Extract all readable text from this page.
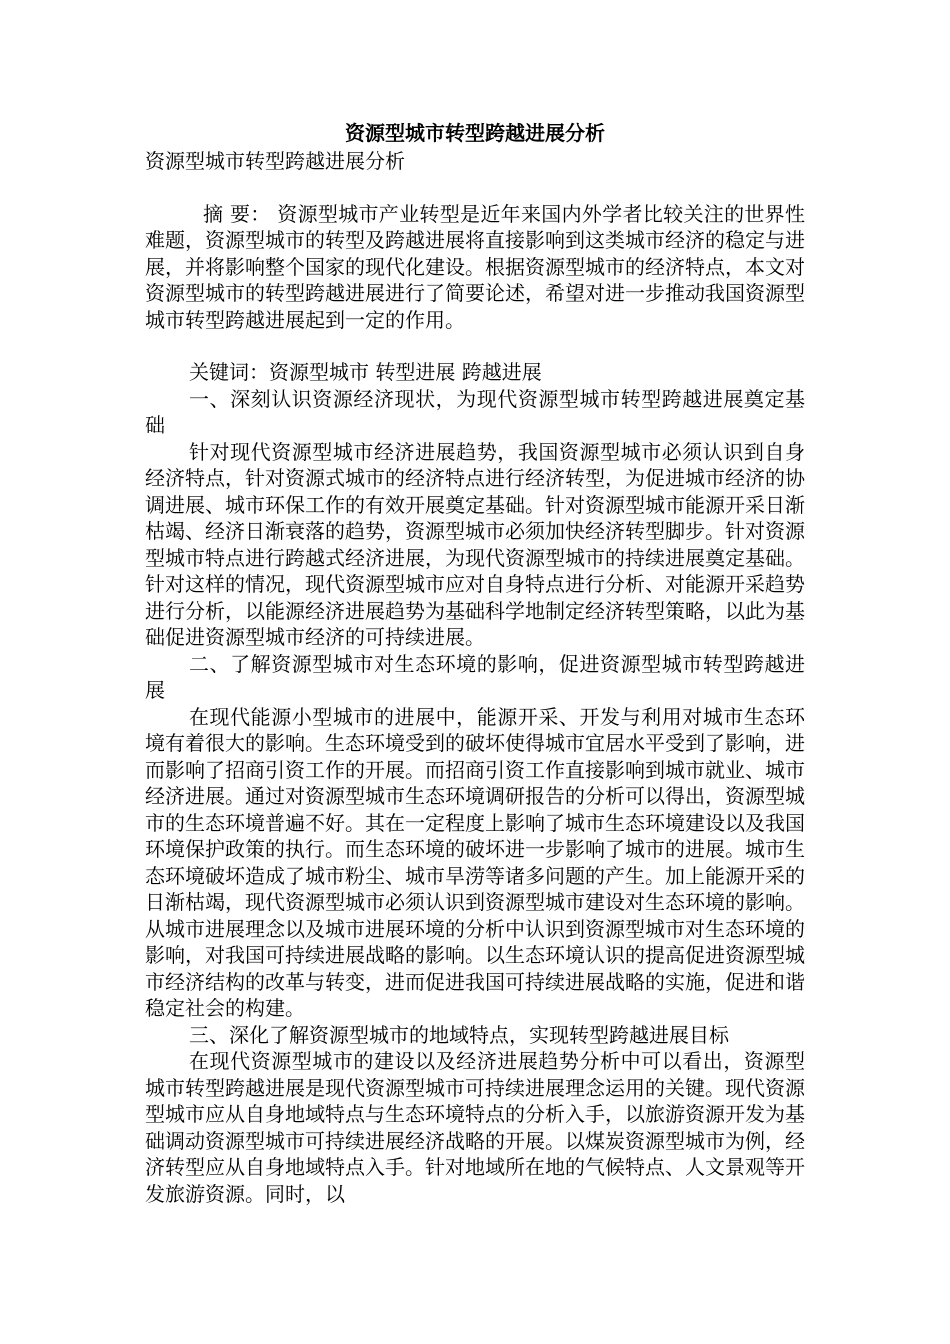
资源型城市转型跨越进展分析

资源型城市转型跨越进展分析

摘 要： 资源型城市产业转型是近年来国内外学者比较关注的世界性难题，资源型城市的转型及跨越进展将直接影响到这类城市经济的稳定与进展，并将影响整个国家的现代化建设。根据资源型城市的经济特点，本文对资源型城市的转型跨越进展进行了简要论述，希望对进一步推动我国资源型城市转型跨越进展起到一定的作用。

关键词：资源型城市 转型进展 跨越进展

一、深刻认识资源经济现状，为现代资源型城市转型跨越进展奠定基础

针对现代资源型城市经济进展趋势，我国资源型城市必须认识到自身经济特点，针对资源式城市的经济特点进行经济转型，为促进城市经济的协调进展、城市环保工作的有效开展奠定基础。针对资源型城市能源开采日渐枯竭、经济日渐衰落的趋势，资源型城市必须加快经济转型脚步。针对资源型城市特点进行跨越式经济进展，为现代资源型城市的持续进展奠定基础。针对这样的情况，现代资源型城市应对自身特点进行分析、对能源开采趋势进行分析，以能源经济进展趋势为基础科学地制定经济转型策略，以此为基础促进资源型城市经济的可持续进展。

二、了解资源型城市对生态环境的影响，促进资源型城市转型跨越进展

在现代能源小型城市的进展中，能源开采、开发与利用对城市生态环境有着很大的影响。生态环境受到的破坏使得城市宜居水平受到了影响，进而影响了招商引资工作的开展。而招商引资工作直接影响到城市就业、城市经济进展。通过对资源型城市生态环境调研报告的分析可以得出，资源型城市的生态环境普遍不好。其在一定程度上影响了城市生态环境建设以及我国环境保护政策的执行。而生态环境的破坏进一步影响了城市的进展。城市生态环境破坏造成了城市粉尘、城市旱涝等诸多问题的产生。加上能源开采的日渐枯竭，现代资源型城市必须认识到资源型城市建设对生态环境的影响。从城市进展理念以及城市进展环境的分析中认识到资源型城市对生态环境的影响，对我国可持续进展战略的影响。以生态环境认识的提高促进资源型城市经济结构的改革与转变，进而促进我国可持续进展战略的实施，促进和谐稳定社会的构建。

三、深化了解资源型城市的地域特点，实现转型跨越进展目标

在现代资源型城市的建设以及经济进展趋势分析中可以看出，资源型城市转型跨越进展是现代资源型城市可持续进展理念运用的关键。现代资源型城市应从自身地域特点与生态环境特点的分析入手，以旅游资源开发为基础调动资源型城市可持续进展经济战略的开展。以煤炭资源型城市为例，经济转型应从自身地域特点入手。针对地域所在地的气候特点、人文景观等开发旅游资源。同时，以
